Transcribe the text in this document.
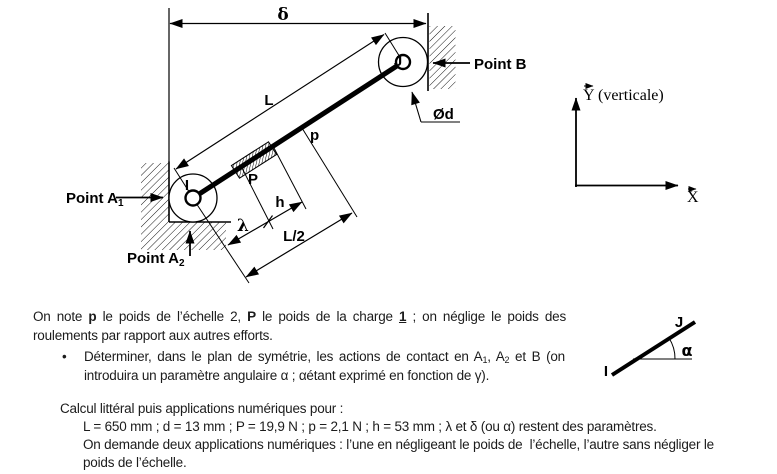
δ
L
λ
h
L/2
p
P
I
J
Ød
Point B
Point A1
Point A2
Y (verticale)
X
α
I
J
On note p le poids de l’échelle 2, P le poids de la charge 1 ; on néglige le poids des
roulements par rapport aux autres efforts.
• Déterminer, dans le plan de symétrie, les actions de contact en A1, A2 et B (on
introduira un paramètre angulaire α ; αétant exprimé en fonction de γ).
Calcul littéral puis applications numériques pour :
L = 650 mm ; d = 13 mm ; P = 19,9 N ; p = 2,1 N ; h = 53 mm ; λ et δ (ou α) restent des paramètres.
On demande deux applications numériques : l’une en négligeant le poids de  l’échelle, l’autre sans négliger le
poids de l’échelle.
